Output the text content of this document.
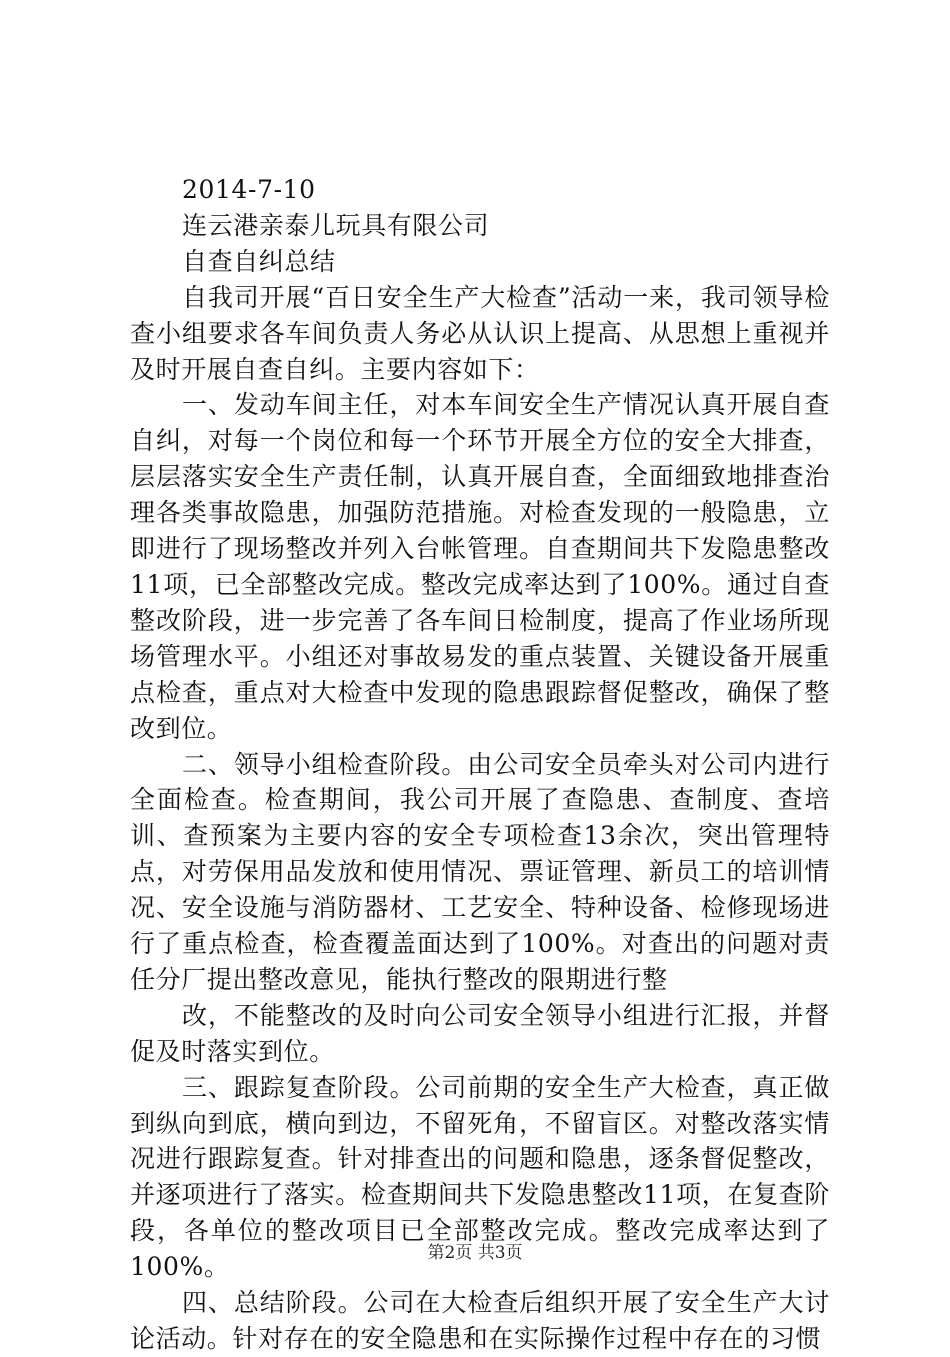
2014-7-10

连云港亲泰儿玩具有限公司

自查自纠总结

自我司开展“百日安全生产大检查”活动一来，我司领导检查小组要求各车间负责人务必从认识上提高、从思想上重视并及时开展自查自纠。主要内容如下：

一、发动车间主任，对本车间安全生产情况认真开展自查自纠，对每一个岗位和每一个环节开展全方位的安全大排查，层层落实安全生产责任制，认真开展自查，全面细致地排查治理各类事故隐患，加强防范措施。对检查发现的一般隐患，立即进行了现场整改并列入台帐管理。自查期间共下发隐患整改11项，已全部整改完成。整改完成率达到了100%。通过自查整改阶段，进一步完善了各车间日检制度，提高了作业场所现场管理水平。小组还对事故易发的重点装置、关键设备开展重点检查，重点对大检查中发现的隐患跟踪督促整改，确保了整改到位。

二、领导小组检查阶段。由公司安全员牵头对公司内进行全面检查。检查期间，我公司开展了查隐患、查制度、查培训、查预案为主要内容的安全专项检查13余次，突出管理特点，对劳保用品发放和使用情况、票证管理、新员工的培训情况、安全设施与消防器材、工艺安全、特种设备、检修现场进行了重点检查，检查覆盖面达到了100%。对查出的问题对责任分厂提出整改意见，能执行整改的限期进行整

改，不能整改的及时向公司安全领导小组进行汇报，并督促及时落实到位。

三、跟踪复查阶段。公司前期的安全生产大检查，真正做到纵向到底，横向到边，不留死角，不留盲区。对整改落实情况进行跟踪复查。针对排查出的问题和隐患，逐条督促整改，并逐项进行了落实。检查期间共下发隐患整改11项，在复查阶段，各单位的整改项目已全部整改完成。整改完成率达到了100%。

四、总结阶段。公司在大检查后组织开展了安全生产大讨论活动。针对存在的安全隐患和在实际操作过程中存在的习惯

第2页 共3页
